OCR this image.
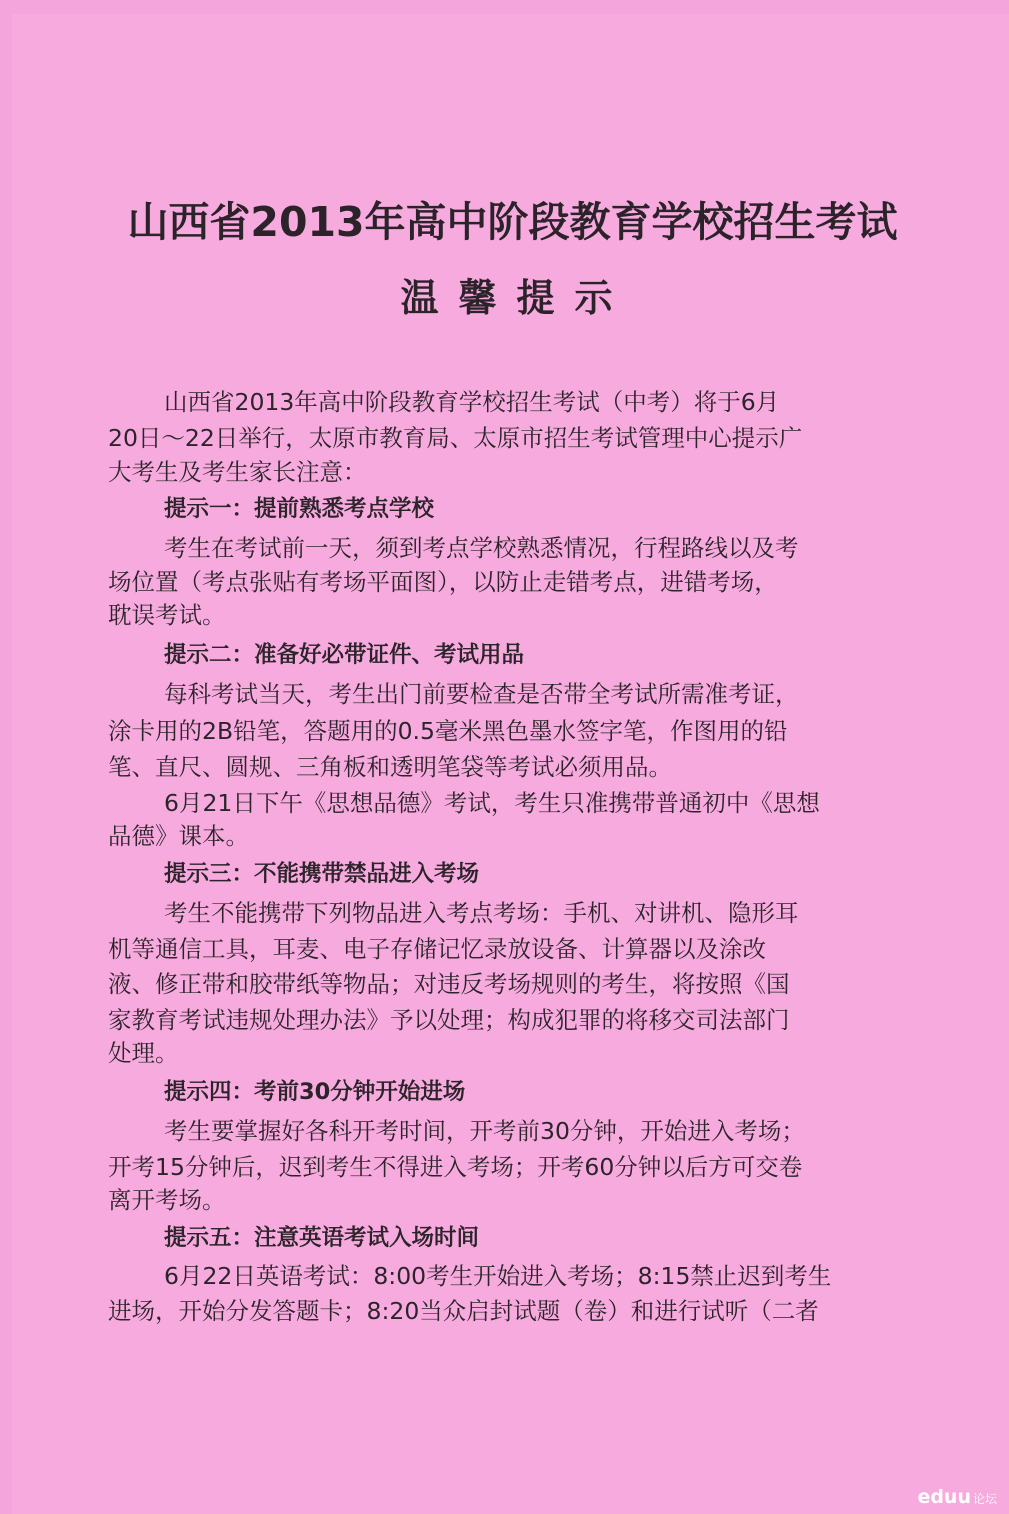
山西省2013年高中阶段教育学校招生考试
温馨提示
山西省2013年高中阶段教育学校招生考试（中考）将于6月
20日～22日举行，太原市教育局、太原市招生考试管理中心提示广
大考生及考生家长注意：
提示一：提前熟悉考点学校
考生在考试前一天，须到考点学校熟悉情况，行程路线以及考
场位置（考点张贴有考场平面图），以防止走错考点，进错考场，
耽误考试。
提示二：准备好必带证件、考试用品
每科考试当天，考生出门前要检查是否带全考试所需准考证，
涂卡用的2B铅笔，答题用的0.5毫米黑色墨水签字笔，作图用的铅
笔、直尺、圆规、三角板和透明笔袋等考试必须用品。
6月21日下午《思想品德》考试，考生只准携带普通初中《思想
品德》课本。
提示三：不能携带禁品进入考场
考生不能携带下列物品进入考点考场：手机、对讲机、隐形耳
机等通信工具，耳麦、电子存储记忆录放设备、计算器以及涂改
液、修正带和胶带纸等物品；对违反考场规则的考生，将按照《国
家教育考试违规处理办法》予以处理；构成犯罪的将移交司法部门
处理。
提示四：考前30分钟开始进场
考生要掌握好各科开考时间，开考前30分钟，开始进入考场；
开考15分钟后，迟到考生不得进入考场；开考60分钟以后方可交卷
离开考场。
提示五：注意英语考试入场时间
6月22日英语考试：8:00考生开始进入考场；8:15禁止迟到考生
进场，开始分发答题卡；8:20当众启封试题（卷）和进行试听（二者
eduu 论坛
